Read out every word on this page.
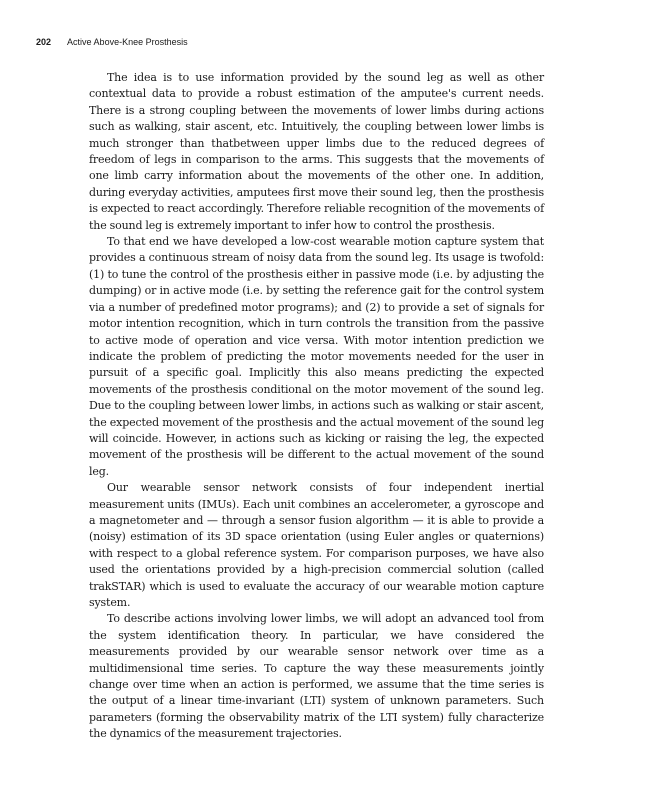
202 Active Above-Knee Prosthesis

The idea is to use information provided by the sound leg as well as other contextual data to provide a robust estimation of the amputee's current needs. There is a strong coupling between the movements of lower limbs during actions such as walking, stair ascent, etc. Intuitively, the coupling between lower limbs is much stronger than thatbetween upper limbs due to the reduced degrees of freedom of legs in comparison to the arms. This suggests that the movements of one limb carry information about the movements of the other one. In addition, during everyday activities, amputees first move their sound leg, then the prosthesis is expected to react accordingly. Therefore reliable recognition of the movements of the sound leg is extremely important to infer how to control the prosthesis.

To that end we have developed a low-cost wearable motion capture system that provides a continuous stream of noisy data from the sound leg. Its usage is twofold: (1) to tune the control of the prosthesis either in passive mode (i.e. by adjusting the dumping) or in active mode (i.e. by setting the reference gait for the control system via a number of predefined motor programs); and (2) to provide a set of signals for motor intention recognition, which in turn controls the transition from the passive to active mode of operation and vice versa. With motor intention prediction we indicate the problem of predicting the motor movements needed for the user in pursuit of a specific goal. Implicitly this also means predicting the expected movements of the prosthesis conditional on the motor movement of the sound leg. Due to the coupling between lower limbs, in actions such as walking or stair ascent, the expected movement of the prosthesis and the actual movement of the sound leg will coincide. However, in actions such as kicking or raising the leg, the expected movement of the prosthesis will be different to the actual movement of the sound leg.

Our wearable sensor network consists of four independent inertial measurement units (IMUs). Each unit combines an accelerometer, a gyroscope and a magnetometer and — through a sensor fusion algorithm — it is able to provide a (noisy) estimation of its 3D space orientation (using Euler angles or quaternions) with respect to a global reference system. For comparison purposes, we have also used the orientations provided by a high-precision commercial solution (called trakSTAR) which is used to evaluate the accuracy of our wearable motion capture system.

To describe actions involving lower limbs, we will adopt an advanced tool from the system identification theory. In particular, we have considered the measurements provided by our wearable sensor network over time as a multidimensional time series. To capture the way these measurements jointly change over time when an action is performed, we assume that the time series is the output of a linear time-invariant (LTI) system of unknown parameters. Such parameters (forming the observability matrix of the LTI system) fully characterize the dynamics of the measurement trajectories.
